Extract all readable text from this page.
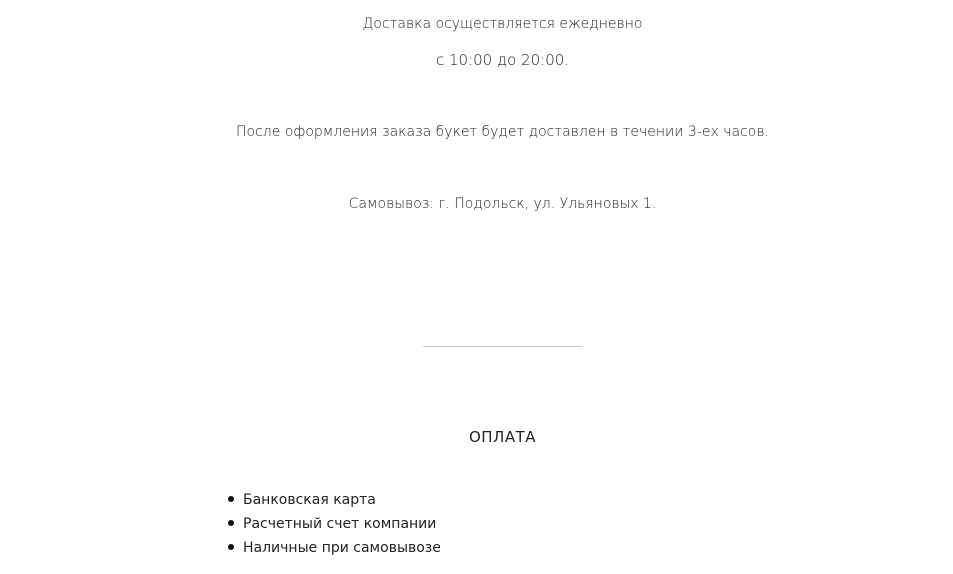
Доставка осуществляется ежедневно
с 10:00 до 20:00.
После оформления заказа букет будет доставлен в течении 3-ех часов.
Самовывоз: г. Подольск, ул. Ульяновых 1.
ОПЛАТА
Банковская карта
Расчетный счет компании
Наличные при самовывозе
